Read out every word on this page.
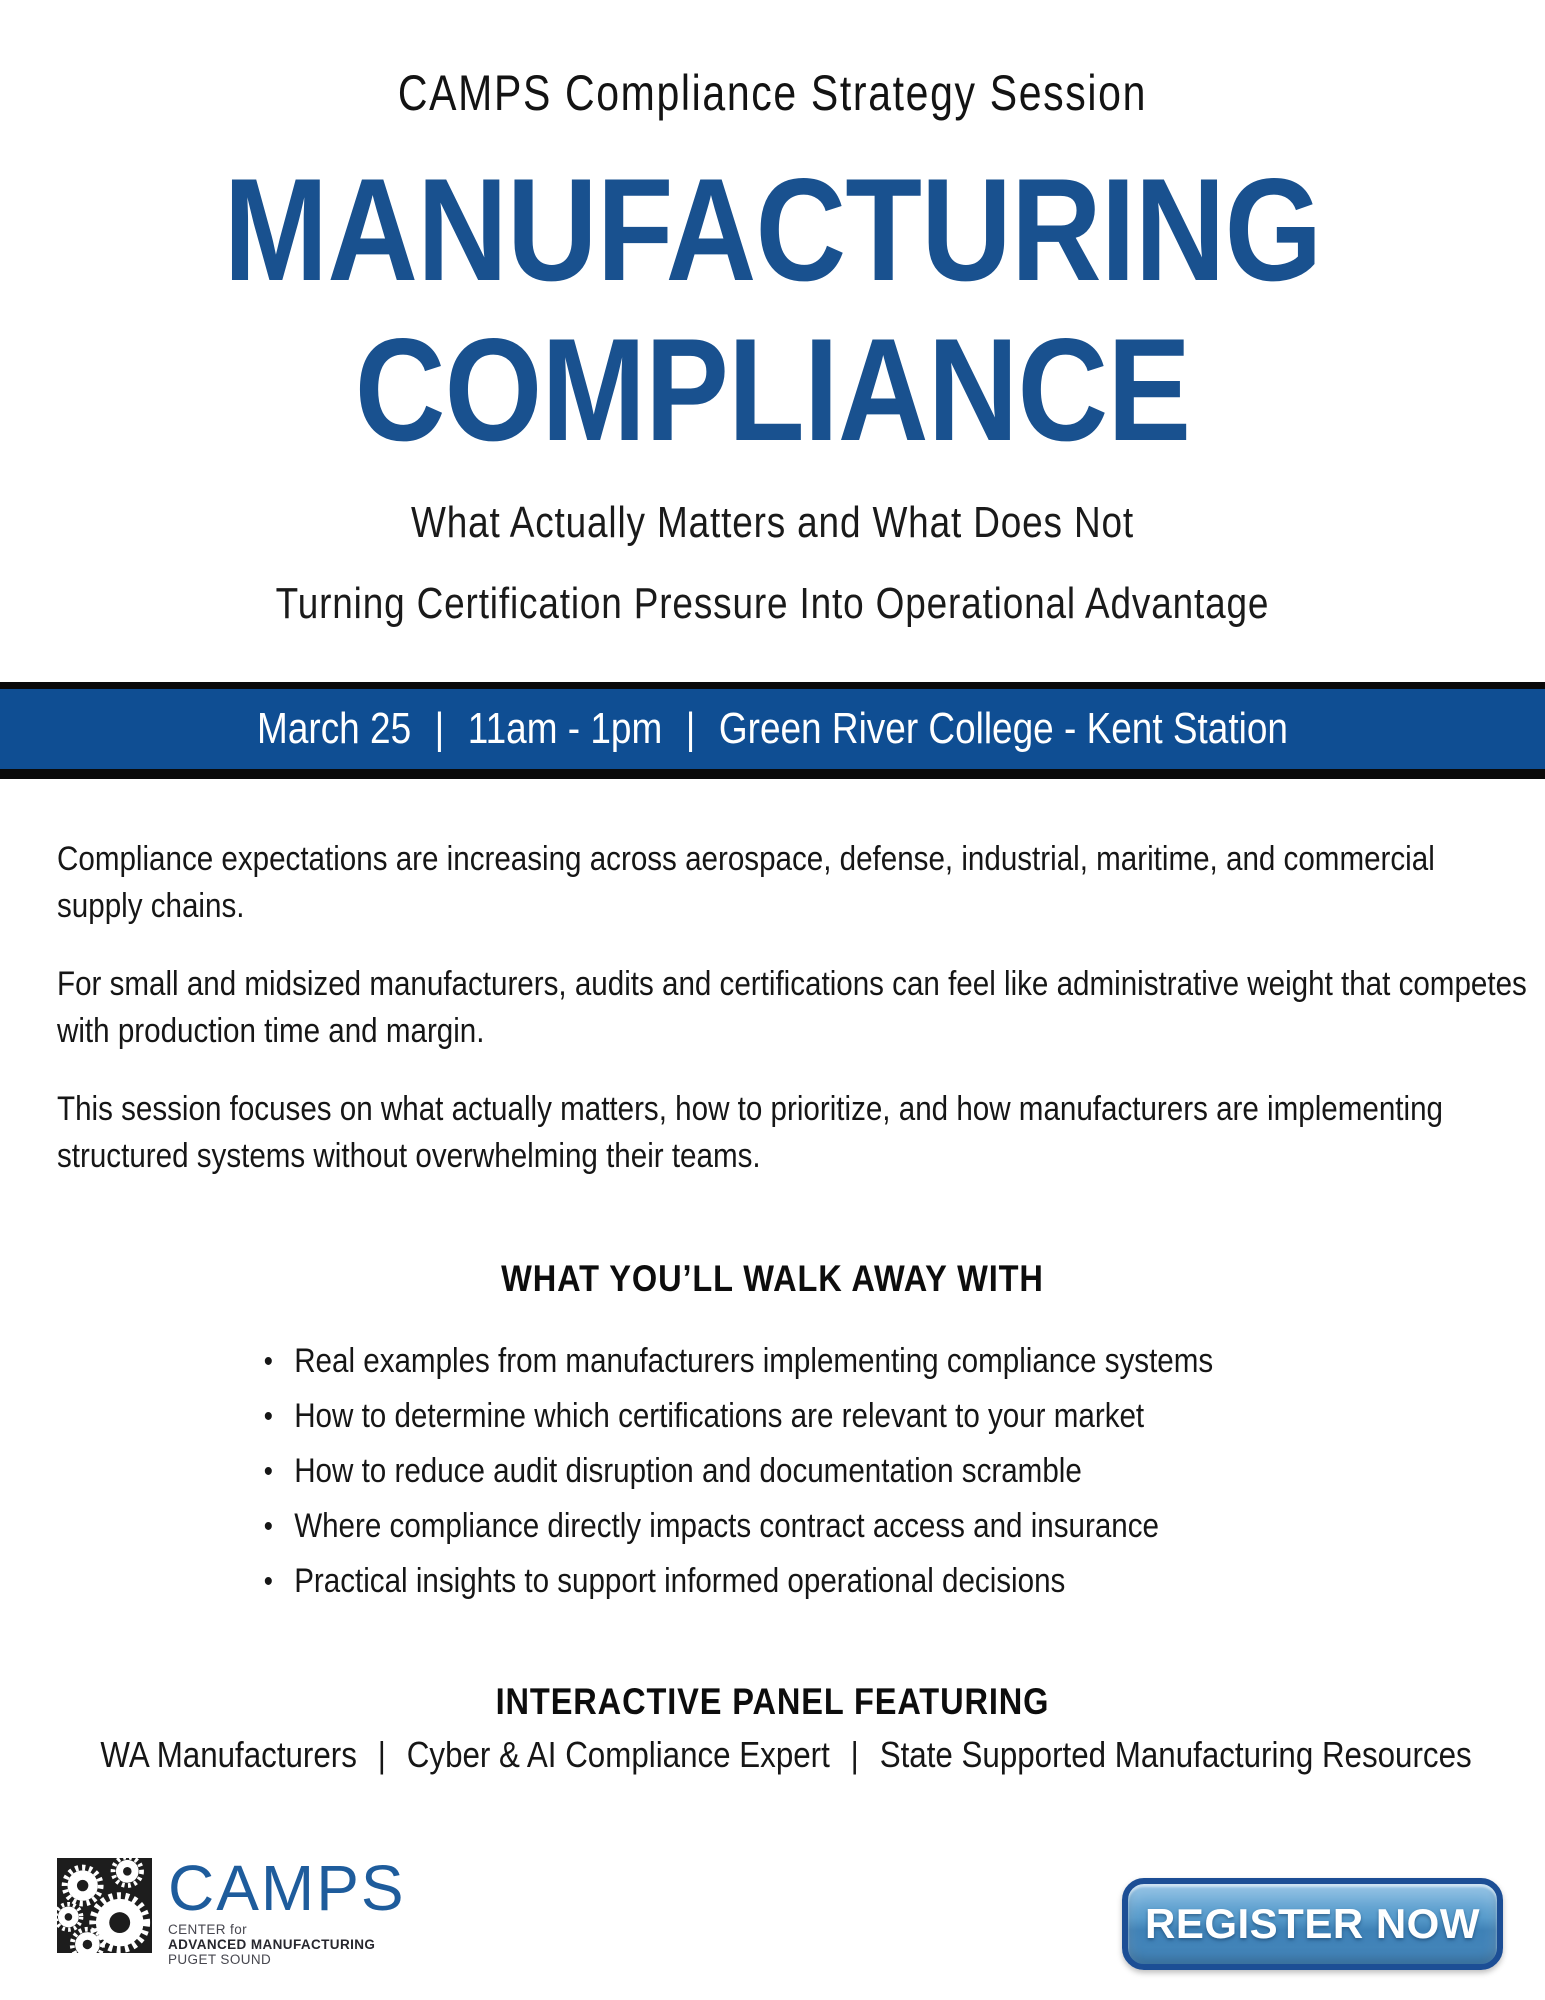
CAMPS Compliance Strategy Session
MANUFACTURING
COMPLIANCE
What Actually Matters and What Does Not
Turning Certification Pressure Into Operational Advantage
March 25 | 11am - 1pm | Green River College - Kent Station

Compliance expectations are increasing across aerospace, defense, industrial, maritime, and commercial supply chains.

For small and midsized manufacturers, audits and certifications can feel like administrative weight that competes with production time and margin.

This session focuses on what actually matters, how to prioritize, and how manufacturers are implementing structured systems without overwhelming their teams.

WHAT YOU’LL WALK AWAY WITH
• Real examples from manufacturers implementing compliance systems
• How to determine which certifications are relevant to your market
• How to reduce audit disruption and documentation scramble
• Where compliance directly impacts contract access and insurance
• Practical insights to support informed operational decisions
INTERACTIVE PANEL FEATURING
WA Manufacturers | Cyber & AI Compliance Expert | State Supported Manufacturing Resources
CAMPS
CENTER for
ADVANCED MANUFACTURING
PUGET SOUND
REGISTER NOW
